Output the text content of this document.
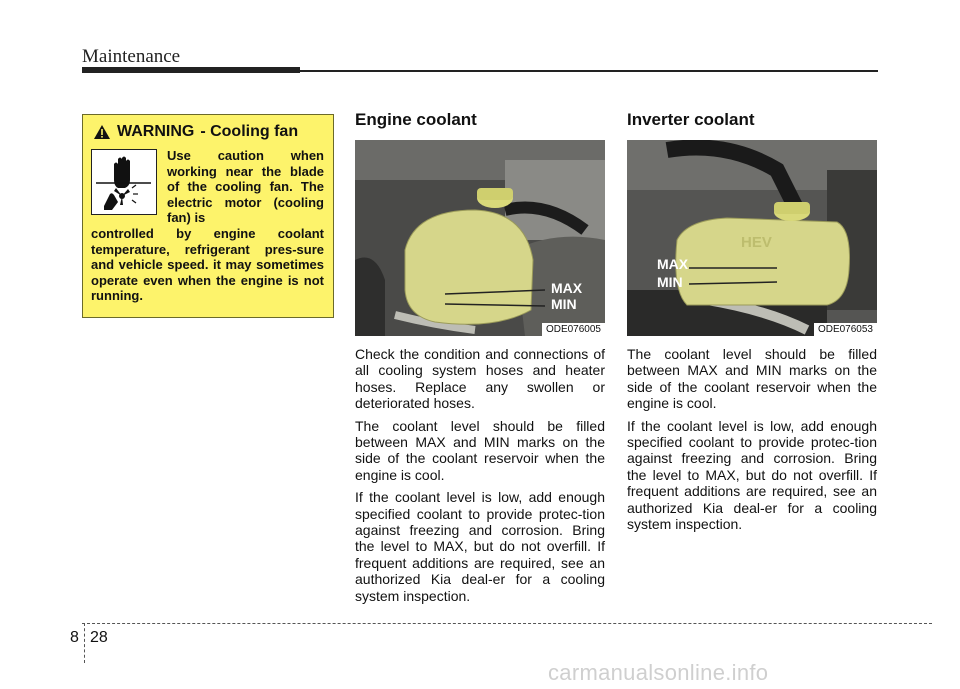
Maintenance
WARNING - Cooling fan
Use caution when working near the blade of the cooling fan. The electric motor (cooling fan) is
controlled by engine coolant temperature, refrigerant pres-sure and vehicle speed. it may sometimes operate even when the engine is not running.
Engine coolant
MAX
MIN
ODE076005

Check the condition and connections of all cooling system hoses and heater hoses. Replace any swollen or deteriorated hoses.

The coolant level should be filled between MAX and MIN marks on the side of the coolant reservoir when the engine is cool.

If the coolant level is low, add enough specified coolant to provide protec-tion against freezing and corrosion. Bring the level to MAX, but do not overfill. If frequent additions are required, see an authorized Kia deal-er for a cooling system inspection.

Inverter coolant
HEV
MAX
MIN
ODE076053

The coolant level should be filled between MAX and MIN marks on the side of the coolant reservoir when the engine is cool.

If the coolant level is low, add enough specified coolant to provide protec-tion against freezing and corrosion. Bring the level to MAX, but do not overfill. If frequent additions are required, see an authorized Kia deal-er for a cooling system inspection.

8 28
carmanualsonline.info
